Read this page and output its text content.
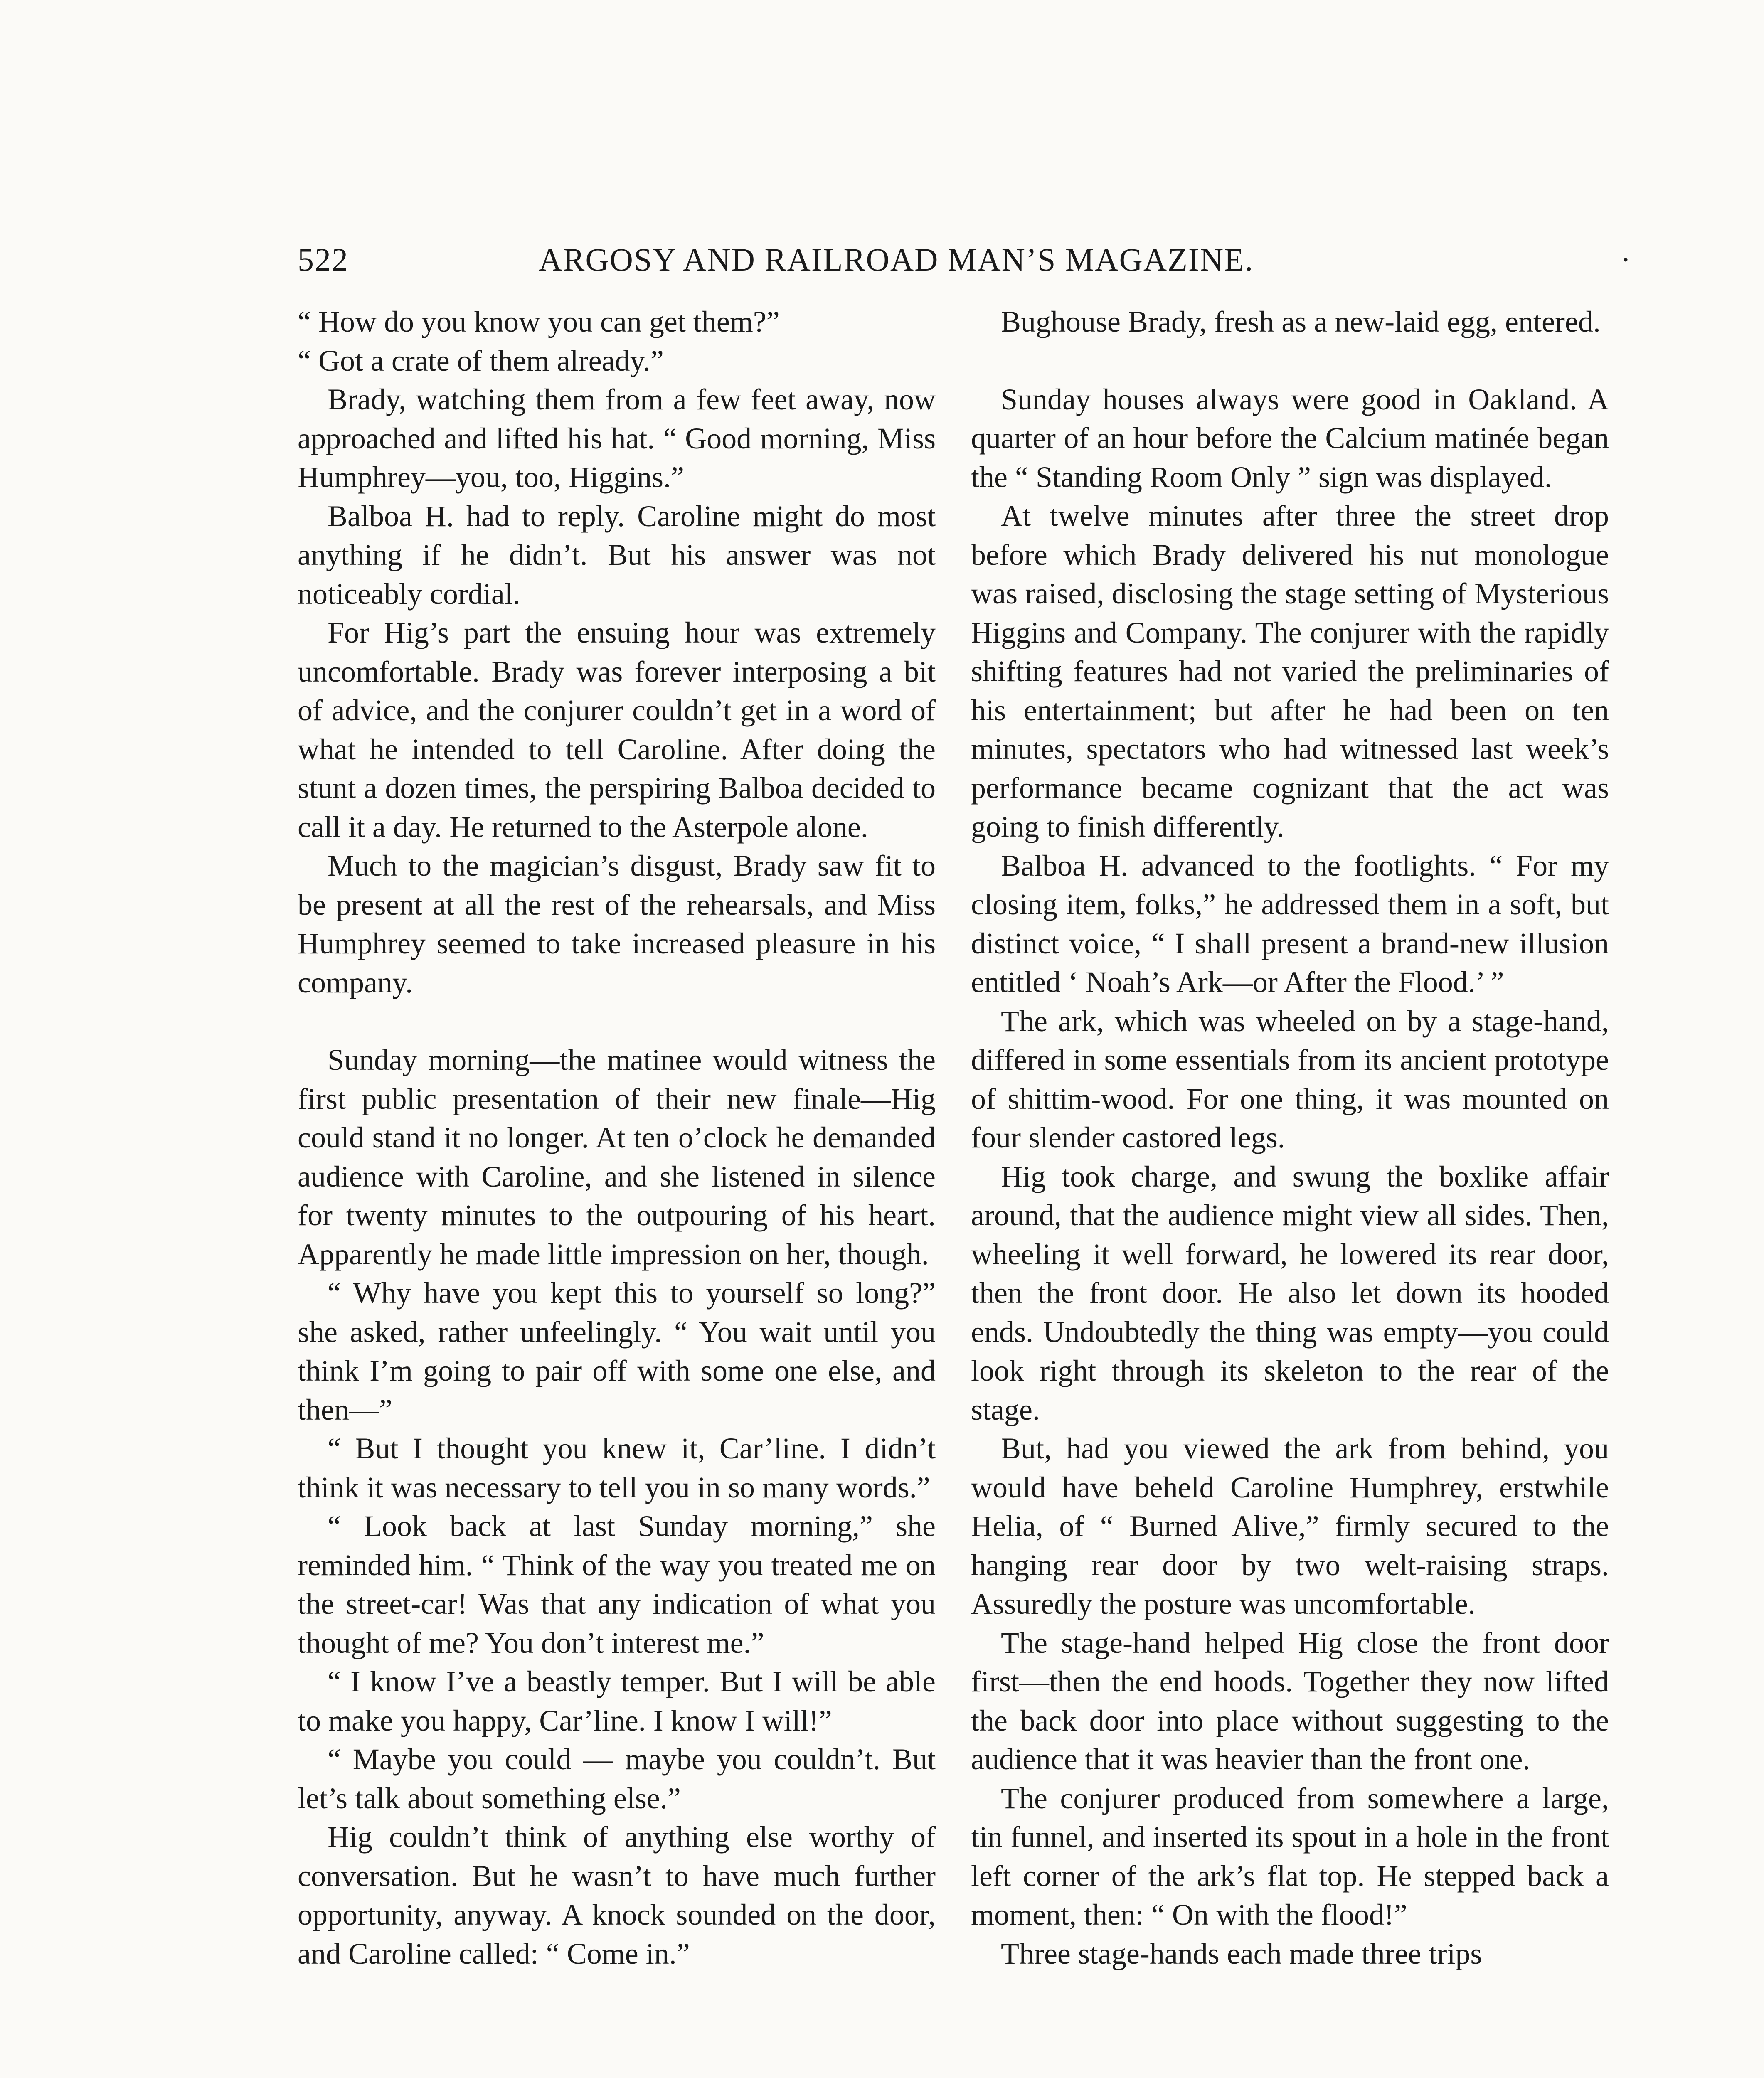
522	ARGOSY AND RAILROAD MAN’S MAGAZINE.	·

“ How do you know you can get them?”

“ Got a crate of them already.”

Brady, watching them from a few feet away, now approached and lifted his hat. “ Good morning, Miss Humphrey—you, too, Higgins.”

Balboa H. had to reply. Caroline might do most anything if he didn’t. But his answer was not noticeably cordial.

For Hig’s part the ensuing hour was extremely uncomfortable. Brady was forever interposing a bit of advice, and the conjurer couldn’t get in a word of what he intended to tell Caroline. After doing the stunt a dozen times, the perspiring Balboa decided to call it a day. He returned to the Asterpole alone.

Much to the magician’s disgust, Brady saw fit to be present at all the rest of the rehearsals, and Miss Humphrey seemed to take increased pleasure in his company.

Sunday morning—the matinee would witness the first public presentation of their new finale—Hig could stand it no longer. At ten o’clock he demanded audience with Caroline, and she listened in silence for twenty minutes to the outpouring of his heart. Apparently he made little impression on her, though.

“ Why have you kept this to yourself so long?” she asked, rather unfeelingly. “ You wait until you think I’m going to pair off with some one else, and then—”

“ But I thought you knew it, Car’line. I didn’t think it was necessary to tell you in so many words.”

“ Look back at last Sunday morning,” she reminded him. “ Think of the way you treated me on the street-car! Was that any indication of what you thought of me? You don’t interest me.”

“ I know I’ve a beastly temper. But I will be able to make you happy, Car’line. I know I will!”

“ Maybe you could — maybe you couldn’t. But let’s talk about something else.”

Hig couldn’t think of anything else worthy of conversation. But he wasn’t to have much further opportunity, anyway. A knock sounded on the door, and Caroline called: “ Come in.”

Bughouse Brady, fresh as a new-laid egg, entered.

Sunday houses always were good in Oakland. A quarter of an hour before the Calcium matinée began the “ Standing Room Only ” sign was displayed.

At twelve minutes after three the street drop before which Brady delivered his nut monologue was raised, disclosing the stage setting of Mysterious Higgins and Company. The conjurer with the rapidly shifting features had not varied the preliminaries of his entertainment; but after he had been on ten minutes, spectators who had witnessed last week’s performance became cognizant that the act was going to finish differently.

Balboa H. advanced to the footlights. “ For my closing item, folks,” he addressed them in a soft, but distinct voice, “ I shall present a brand-new illusion entitled ‘ Noah’s Ark—or After the Flood.’ ”

The ark, which was wheeled on by a stage-hand, differed in some essentials from its ancient prototype of shittim-wood. For one thing, it was mounted on four slender castored legs.

Hig took charge, and swung the boxlike affair around, that the audience might view all sides. Then, wheeling it well forward, he lowered its rear door, then the front door. He also let down its hooded ends. Undoubtedly the thing was empty—you could look right through its skeleton to the rear of the stage.

But, had you viewed the ark from behind, you would have beheld Caroline Humphrey, erstwhile Helia, of “ Burned Alive,” firmly secured to the hanging rear door by two welt-raising straps. Assuredly the posture was uncomfortable.

The stage-hand helped Hig close the front door first—then the end hoods. Together they now lifted the back door into place without suggesting to the audience that it was heavier than the front one.

The conjurer produced from somewhere a large, tin funnel, and inserted its spout in a hole in the front left corner of the ark’s flat top. He stepped back a moment, then: “ On with the flood!”

Three stage-hands each made three trips
